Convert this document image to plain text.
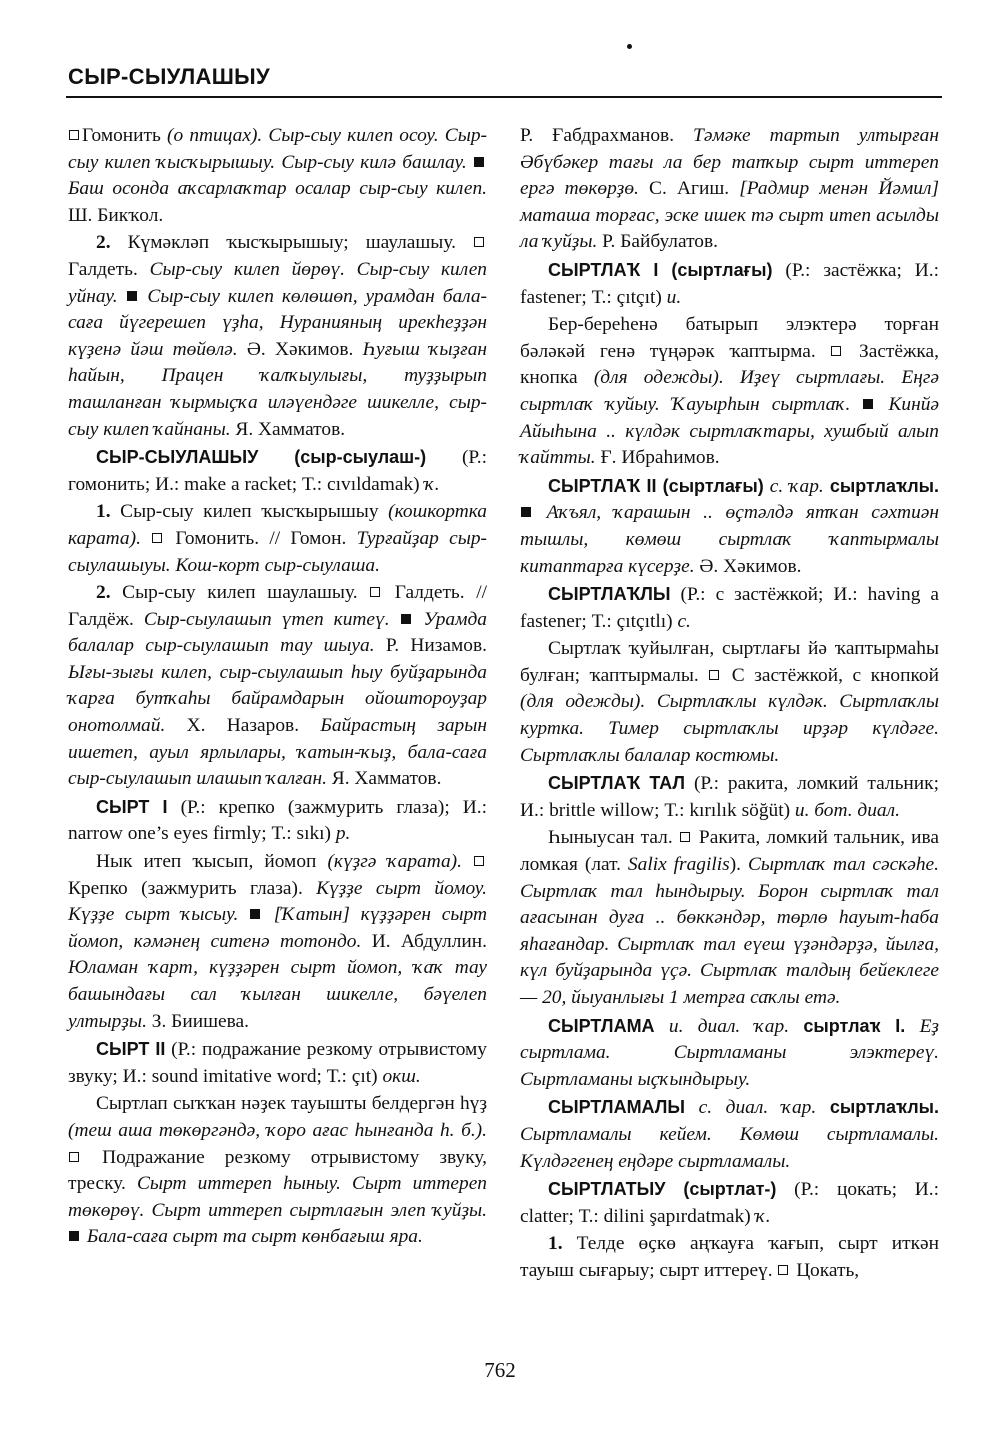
СЫР-СЫУЛАШЫУ

Гомонить (о птицах). Сыр-сыу килеп осоу. Сыр-сыу килеп ҡысҡырышыу. Сыр-сыу килә башлау.  Баш осонда аҡсарлаҡтар осалар сыр-сыу килеп. Ш. Бикҡол.

2. Күмәкләп ҡысҡырышыу; шаулашыу.  Галдеть. Сыр-сыу килеп йөрөү. Сыр-сыу килеп уйнау.  Сыр-сыу килеп көлөшөп, урамдан бала-саға йүгерешеп үҙһа, Нуранияның ирекһеҙҙән күҙенә йәш төйөлә. Ә. Хәкимов. Һуғыш ҡыҙған һайын, Працен ҡалҡыулығы, туҙҙырып ташланған ҡырмыҫҡа иләүендәге шикелле, сыр-сыу килеп ҡайнаны. Я. Хамматов.

СЫР-СЫУЛАШЫУ (сыр-сыулаш-) (Р.: гомонить; И.: make a racket; Т.: cıvıldamak) ҡ.

1. Сыр-сыу килеп ҡысҡырышыу (кошкортка карата).  Гомонить. // Гомон. Турғайҙар сыр-сыулашыуы. Кош-корт сыр-сыулаша.

2. Сыр-сыу килеп шаулашыу.  Галдеть. // Галдёж. Сыр-сыулашып үтеп китеү.  Урамда балалар сыр-сыулашып тау шыуа. Р. Низамов. Ығы-зығы килеп, сыр-сыулашып һыу буйҙарында ҡарға бутҡаһы байрамдарын ойоштороуҙар онотолмай. Х. Назаров. Байрастың зарын ишетеп, ауыл ярлылары, ҡатын-ҡыҙ, бала-саға сыр-сыулашып илашып ҡалған. Я. Хамматов.

СЫРТ I (Р.: крепко (зажмурить глаза); И.: narrow one’s eyes firmly; Т.: sıkı) р.

Нык итеп ҡысып, йомоп (күҙгә ҡарата).  Крепко (зажмурить глаза). Күҙҙе сырт йомоу. Күҙҙе сырт ҡысыу.  [Ҡатын] күҙҙәрен сырт йомоп, кәмәнең ситенә тотондо. И. Абдуллин. Юламан ҡарт, күҙҙәрен сырт йомоп, ҡаҡ тау башындағы сал ҡылған шикелле, бәүелеп ултырҙы. З. Биишева.

СЫРТ II (Р.: подражание резкому отрывистому звуку; И.: sound imitative word; Т.: çıt) окш.

Сыртлап сыҡҡан нәҙек тауышты белдергән һүҙ (теш аша төкөргәндә, ҡоро ағас һынғанда һ. б.).  Подражание резкому отрывистому звуку, треску. Сырт иттереп һыныу. Сырт иттереп төкөрөү. Сырт иттереп сыртлағын элеп ҡуйҙы.  Бала-саға сырт та сырт көнбағыш яра.

Р. Ғабдрахманов. Тәмәке тартып ултырған Әбүбәкер тағы ла бер тапҡыр сырт иттереп ергә төкөрҙө. С. Агиш. [Радмир менән Йәмил] маташа торғас, эске ишек тә сырт итеп асылды ла ҡуйҙы. Р. Байбулатов.

СЫРТЛАҠ I (сыртлағы) (Р.: застёжка; И.: fastener; Т.: çıtçıt) и.

Бер-береһенә батырып элэктерә торған бәләкәй генә түңәрәк ҡаптырма.  Застёжка, кнопка (для одежды). Иҙеү сыртлағы. Еңгә сыртлаҡ ҡуйыу. Ҡауырһын сыртлаҡ.  Кинйә Айыһына .. күлдәк сыртлаҡтары, хушбый алып ҡайтты. Ғ. Ибраһимов.

СЫРТЛАҠ II (сыртлағы) с. ҡар. сыртлаҡлы.  Аҡъял, ҡарашын .. өҫтәлдә ятҡан сәхтиән тышлы, көмөш сыртлаҡ ҡаптырмалы китаптарға күсерҙе. Ә. Хәкимов.

СЫРТЛАҠЛЫ (Р.: с застёжкой; И.: having a fastener; Т.: çıtçıtlı) с.

Сыртлаҡ ҡуйылған, сыртлағы йә ҡаптырмаһы булған; ҡаптырмалы.  С застёжкой, с кнопкой (для одежды). Сыртлаҡлы күлдәк. Сыртлаҡлы куртка. Тимер сыртлаҡлы ирҙәр күлдәге. Сыртлаҡлы балалар костюмы.

СЫРТЛАҠ ТАЛ (Р.: ракита, ломкий тальник; И.: brittle willow; Т.: kırılık söğüt) и. бот. диал.

Һыныусан тал.  Ракита, ломкий тальник, ива ломкая (лат. Salix fragilis). Сыртлаҡ тал сәскәһе. Сыртлаҡ тал һындырыу. Борон сыртлаҡ тал ағасынан дуға .. бөккәндәр, төрлө һауыт-һаба яһағандар. Сыртлаҡ тал еүеш үҙәндәрҙә, йылға, күл буйҙарында үҫә. Сыртлаҡ талдың бейеклеге — 20, йыуанлығы 1 метрға саҡлы етә.

СЫРТЛАМА и. диал. ҡар. сыртлаҡ I. Еҙ сыртлама. Сыртламаны элэктереү. Сыртламаны ыҫҡындырыу.

СЫРТЛАМАЛЫ с. диал. ҡар. сыртлаҡлы. Сыртламалы кейем. Көмөш сыртламалы. Күлдәгенең еңдәре сыртламалы.

СЫРТЛАТЫУ (сыртлат-) (Р.: цокать; И.: clatter; Т.: dilini şapırdatmak) ҡ.

1. Телде өҫкө аңҡауға ҡағып, сырт иткән тауыш сығарыу; сырт иттереү.  Цокать,

762
